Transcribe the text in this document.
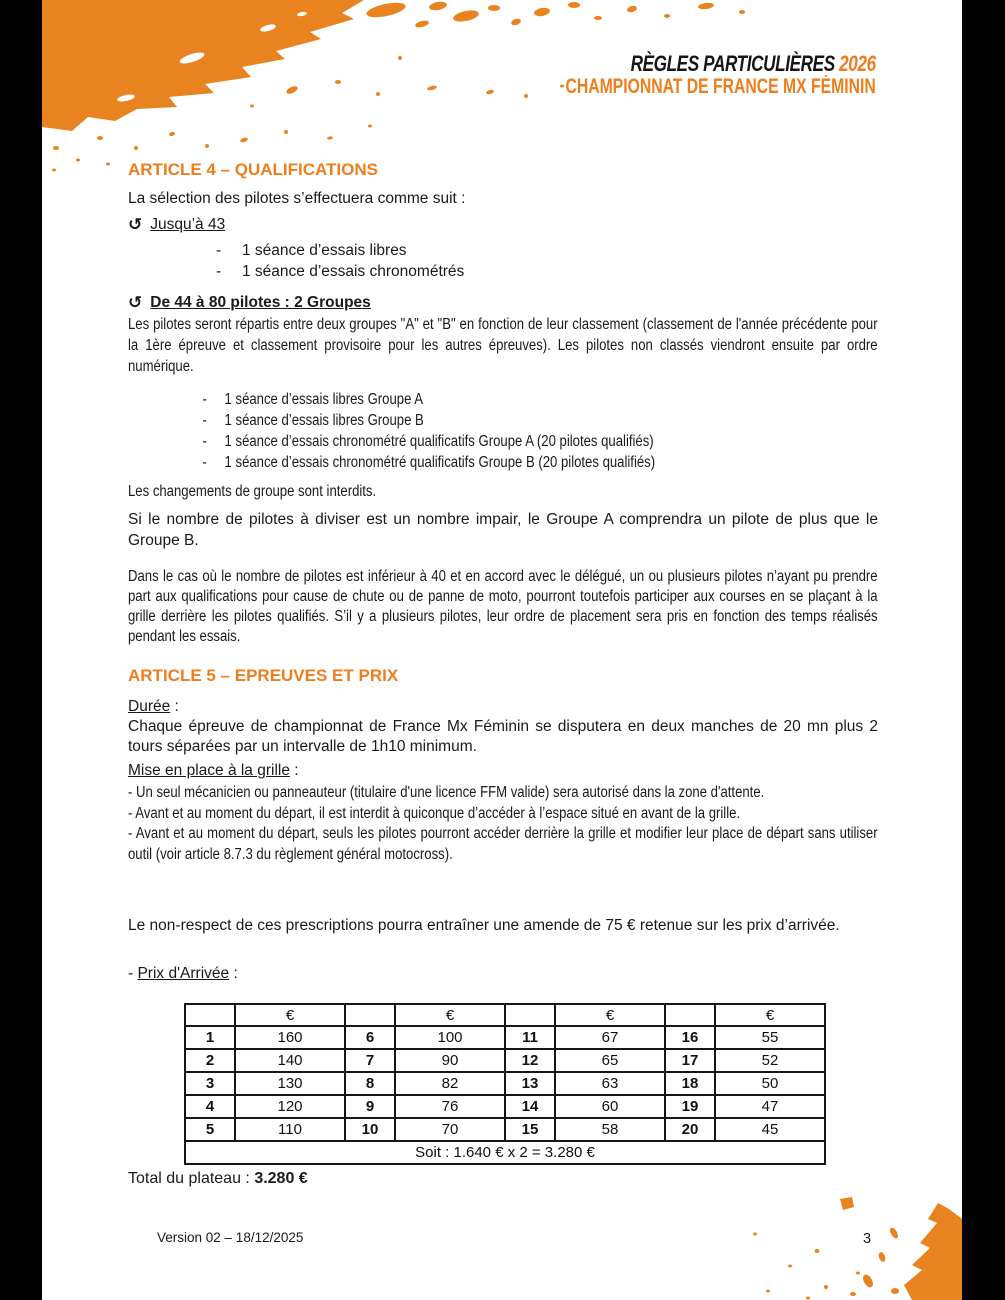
RÈGLES PARTICULIÈRES 2026
CHAMPIONNAT DE FRANCE MX FÉMININ
ARTICLE 4 – QUALIFICATIONS
La sélection des pilotes s’effectuera comme suit :
↺ Jusqu’à 43
-	1 séance d’essais libres
-	1 séance d’essais chronométrés
↺ De 44 à 80 pilotes : 2 Groupes
Les pilotes seront répartis entre deux groupes "A" et "B" en fonction de leur classement (classement de l'année précédente pour la 1ère épreuve et classement provisoire pour les autres épreuves). Les pilotes non classés viendront ensuite par ordre numérique.
-	1 séance d’essais libres Groupe A
-	1 séance d’essais libres Groupe B
-	1 séance d’essais chronométré qualificatifs Groupe A (20 pilotes qualifiés)
-	1 séance d’essais chronométré qualificatifs Groupe B (20 pilotes qualifiés)
Les changements de groupe sont interdits.
Si le nombre de pilotes à diviser est un nombre impair, le Groupe A comprendra un pilote de plus que le Groupe B.
Dans le cas où le nombre de pilotes est inférieur à 40 et en accord avec le délégué, un ou plusieurs pilotes n’ayant pu prendre part aux qualifications pour cause de chute ou de panne de moto, pourront toutefois participer aux courses en se plaçant à la grille derrière les pilotes qualifiés. S’il y a plusieurs pilotes, leur ordre de placement sera pris en fonction des temps réalisés pendant les essais.
ARTICLE 5 – EPREUVES ET PRIX
Durée :
Chaque épreuve de championnat de France Mx Féminin se disputera en deux manches de 20 mn plus 2 tours séparées par un intervalle de 1h10 minimum.
Mise en place à la grille :
- Un seul mécanicien ou panneauteur (titulaire d'une licence FFM valide) sera autorisé dans la zone d'attente.
- Avant et au moment du départ, il est interdit à quiconque d’accéder à l’espace situé en avant de la grille.
- Avant et au moment du départ, seuls les pilotes pourront accéder derrière la grille et modifier leur place de départ sans utiliser outil (voir article 8.7.3 du règlement général motocross).
Le non-respect de ces prescriptions pourra entraîner une amende de 75 € retenue sur les prix d’arrivée.
- Prix d'Arrivée :
	€		€		€		€
1	160	6	100	11	67	16	55
2	140	7	90	12	65	17	52
3	130	8	82	13	63	18	50
4	120	9	76	14	60	19	47
5	110	10	70	15	58	20	45
Soit : 1.640 € x 2 = 3.280 €							
Total du plateau : 3.280 €
Version 02 – 18/12/2025	3
